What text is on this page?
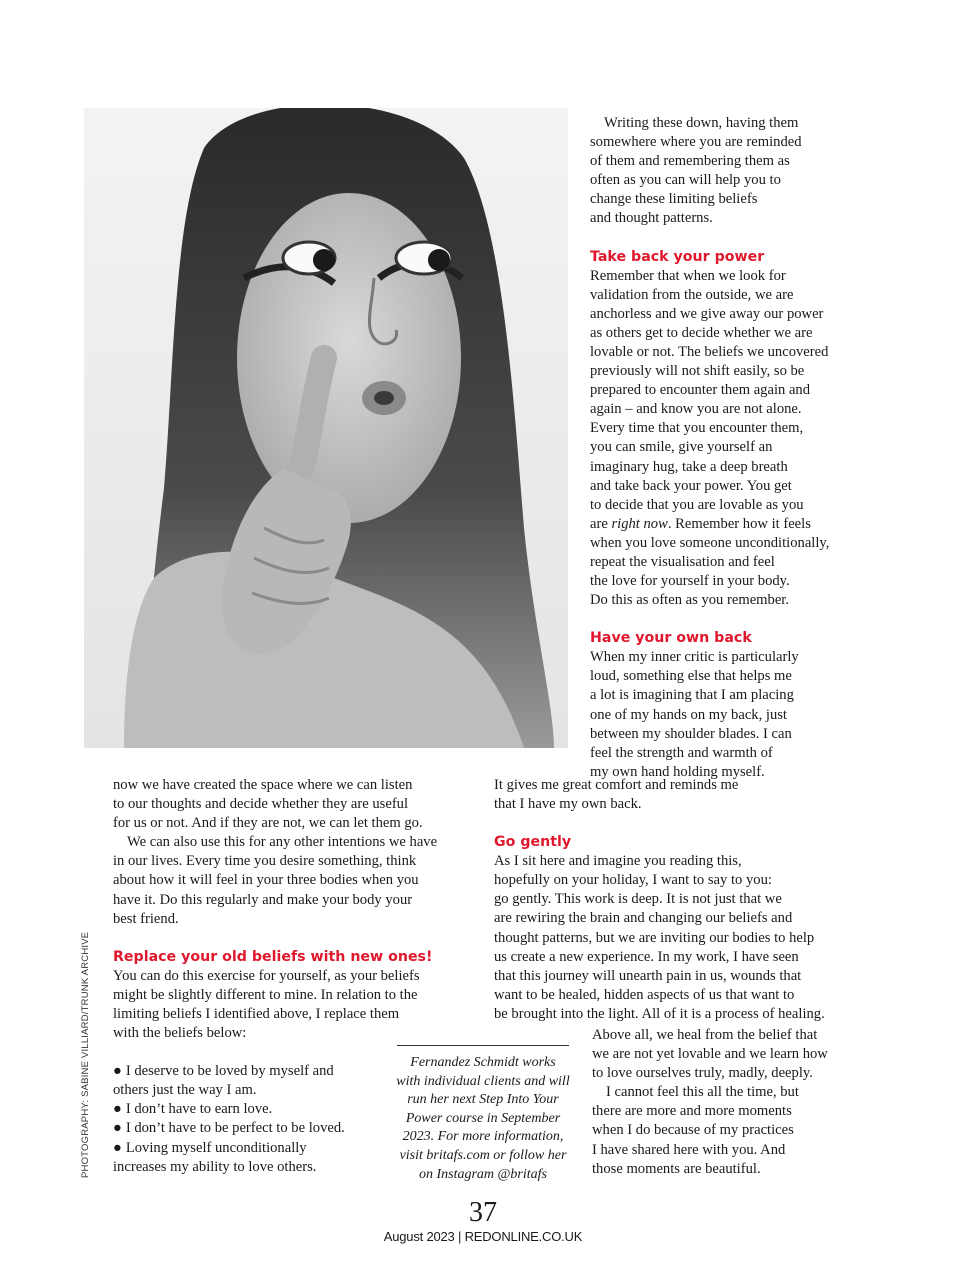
Writing these down, having them

somewhere where you are reminded

of them and remembering them as

often as you can will help you to

change these limiting beliefs

and thought patterns.

Take back your power

Remember that when we look for

validation from the outside, we are

anchorless and we give away our power

as others get to decide whether we are

lovable or not. The beliefs we uncovered

previously will not shift easily, so be

prepared to encounter them again and

again – and know you are not alone.

Every time that you encounter them,

you can smile, give yourself an

imaginary hug, take a deep breath

and take back your power. You get

to decide that you are lovable as you

are right now. Remember how it feels

when you love someone unconditionally,

repeat the visualisation and feel

the love for yourself in your body.

Do this as often as you remember.

Have your own back

When my inner critic is particularly

loud, something else that helps me

a lot is imagining that I am placing

one of my hands on my back, just

between my shoulder blades. I can

feel the strength and warmth of

my own hand holding myself.

now we have created the space where we can listen

to our thoughts and decide whether they are useful

for us or not. And if they are not, we can let them go.

We can also use this for any other intentions we have

in our lives. Every time you desire something, think

about how it will feel in your three bodies when you

have it. Do this regularly and make your body your

best friend.

Replace your old beliefs with new ones!

You can do this exercise for yourself, as your beliefs

might be slightly different to mine. In relation to the

limiting beliefs I identified above, I replace them

with the beliefs below:

● I deserve to be loved by myself and

others just the way I am.

● I don’t have to earn love.

● I don’t have to be perfect to be loved.

● Loving myself unconditionally

increases my ability to love others.

It gives me great comfort and reminds me

that I have my own back.

Go gently

As I sit here and imagine you reading this,

hopefully on your holiday, I want to say to you:

go gently. This work is deep. It is not just that we

are rewiring the brain and changing our beliefs and

thought patterns, but we are inviting our bodies to help

us create a new experience. In my work, I have seen

that this journey will unearth pain in us, wounds that

want to be healed, hidden aspects of us that want to

be brought into the light. All of it is a process of healing.

Above all, we heal from the belief that

we are not yet lovable and we learn how

to love ourselves truly, madly, deeply.

I cannot feel this all the time, but

there are more and more moments

when I do because of my practices

I have shared here with you. And

those moments are beautiful.

Fernandez Schmidt works
with individual clients and will
run her next Step Into Your
Power course in September
2023. For more information,
visit britafs.com or follow her
on Instagram @britafs
PHOTOGRAPHY: SABINE VILLIARD/TRUNK ARCHIVE
37
August 2023 | REDONLINE.CO.UK
